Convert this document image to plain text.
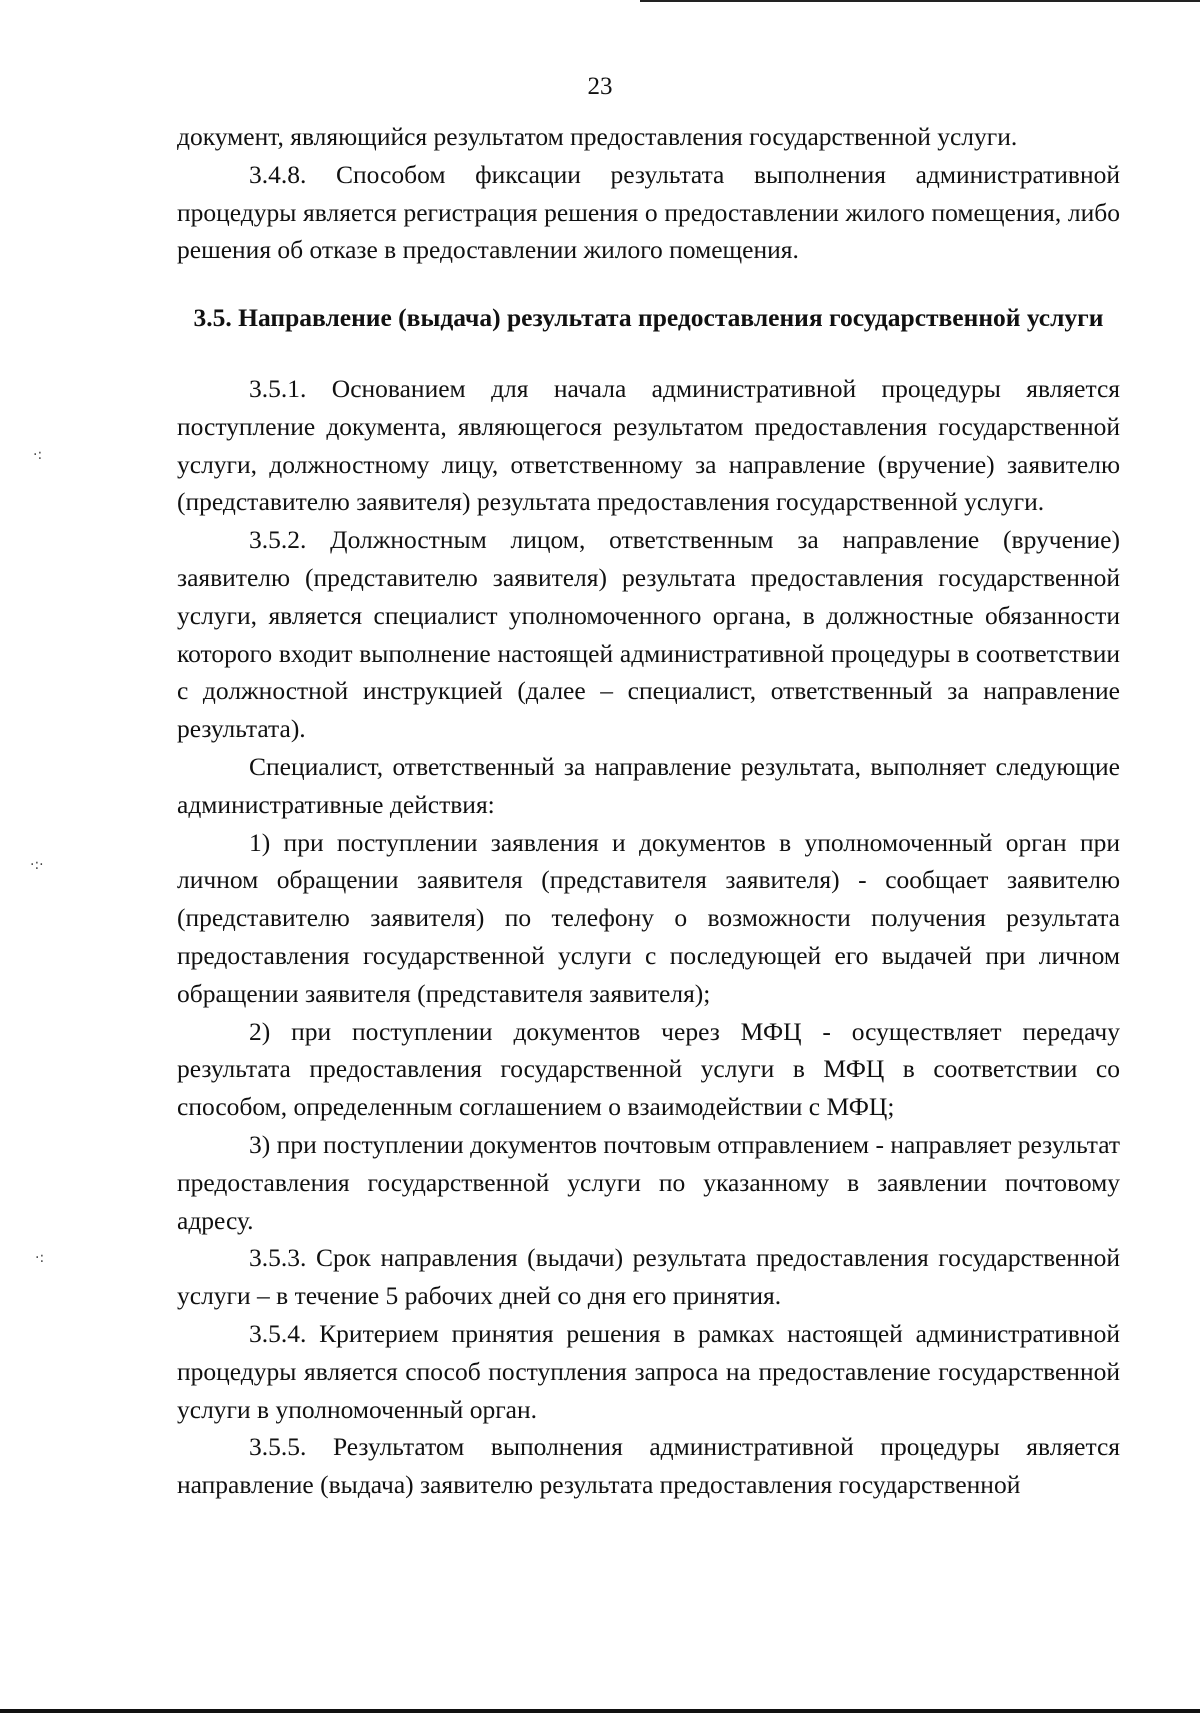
23

документ, являющийся результатом предоставления государственной услуги.

3.4.8. Способом фиксации результата выполнения административной процедуры является регистрация решения о предоставлении жилого помещения, либо решения об отказе в предоставлении жилого помещения.

3.5. Направление (выдача) результата предоставления государственной услуги

3.5.1. Основанием для начала административной процедуры является поступление документа, являющегося результатом предоставления государственной услуги, должностному лицу, ответственному за направление (вручение) заявителю (представителю заявителя) результата предоставления государственной услуги.

3.5.2. Должностным лицом, ответственным за направление (вручение) заявителю (представителю заявителя) результата предоставления государственной услуги, является специалист уполномоченного органа, в должностные обязанности которого входит выполнение настоящей административной процедуры в соответствии с должностной инструкцией (далее – специалист, ответственный за направление результата).

Специалист, ответственный за направление результата, выполняет следующие административные действия:

1) при поступлении заявления и документов в уполномоченный орган при личном обращении заявителя (представителя заявителя) - сообщает заявителю (представителю заявителя) по телефону о возможности получения результата предоставления государственной услуги с последующей его выдачей при личном обращении заявителя (представителя заявителя);

2) при поступлении документов через МФЦ - осуществляет передачу результата предоставления государственной услуги в МФЦ в соответствии со способом, определенным соглашением о взаимодействии с МФЦ;

3) при поступлении документов почтовым отправлением - направляет результат предоставления государственной услуги по указанному в заявлении почтовому адресу.

3.5.3. Срок направления (выдачи) результата предоставления государственной услуги – в течение 5 рабочих дней со дня его принятия.

3.5.4. Критерием принятия решения в рамках настоящей административной процедуры является способ поступления запроса на предоставление государственной услуги в уполномоченный орган.

3.5.5. Результатом выполнения административной процедуры является направление (выдача) заявителю результата предоставления государственной

·:
·:·
·:
